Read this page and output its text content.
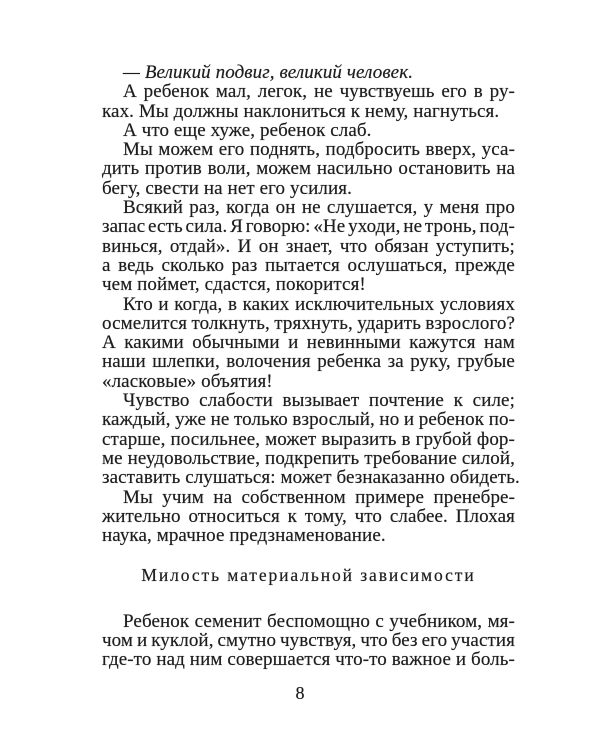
— Великий подвиг, великий человек.
А ребенок мал, легок, не чувствуешь его в ру-
ках. Мы должны наклониться к нему, нагнуться.
А что еще хуже, ребенок слаб.
Мы можем его поднять, подбросить вверх, уса-
дить против воли, можем насильно остановить на
бегу, свести на нет его усилия.
Всякий раз, когда он не слушается, у меня про
запас есть сила. Я говорю: «Не уходи, не тронь, под-
винься, отдай». И он знает, что обязан уступить;
а ведь сколько раз пытается ослушаться, прежде
чем поймет, сдастся, покорится!
Кто и когда, в каких исключительных условиях
осмелится толкнуть, тряхнуть, ударить взрослого?
А какими обычными и невинными кажутся нам
наши шлепки, волочения ребенка за руку, грубые
«ласковые» объятия!
Чувство слабости вызывает почтение к силе;
каждый, уже не только взрослый, но и ребенок по-
старше, посильнее, может выразить в грубой фор-
ме неудовольствие, подкрепить требование силой,
заставить слушаться: может безнаказанно обидеть.
Мы учим на собственном примере пренебре-
жительно относиться к тому, что слабее. Плохая
наука, мрачное предзнаменование.
Милость материальной зависимости
Ребенок семенит беспомощно с учебником, мя-
чом и куклой, смутно чувствуя, что без его участия
где-то над ним совершается что-то важное и боль-
8
